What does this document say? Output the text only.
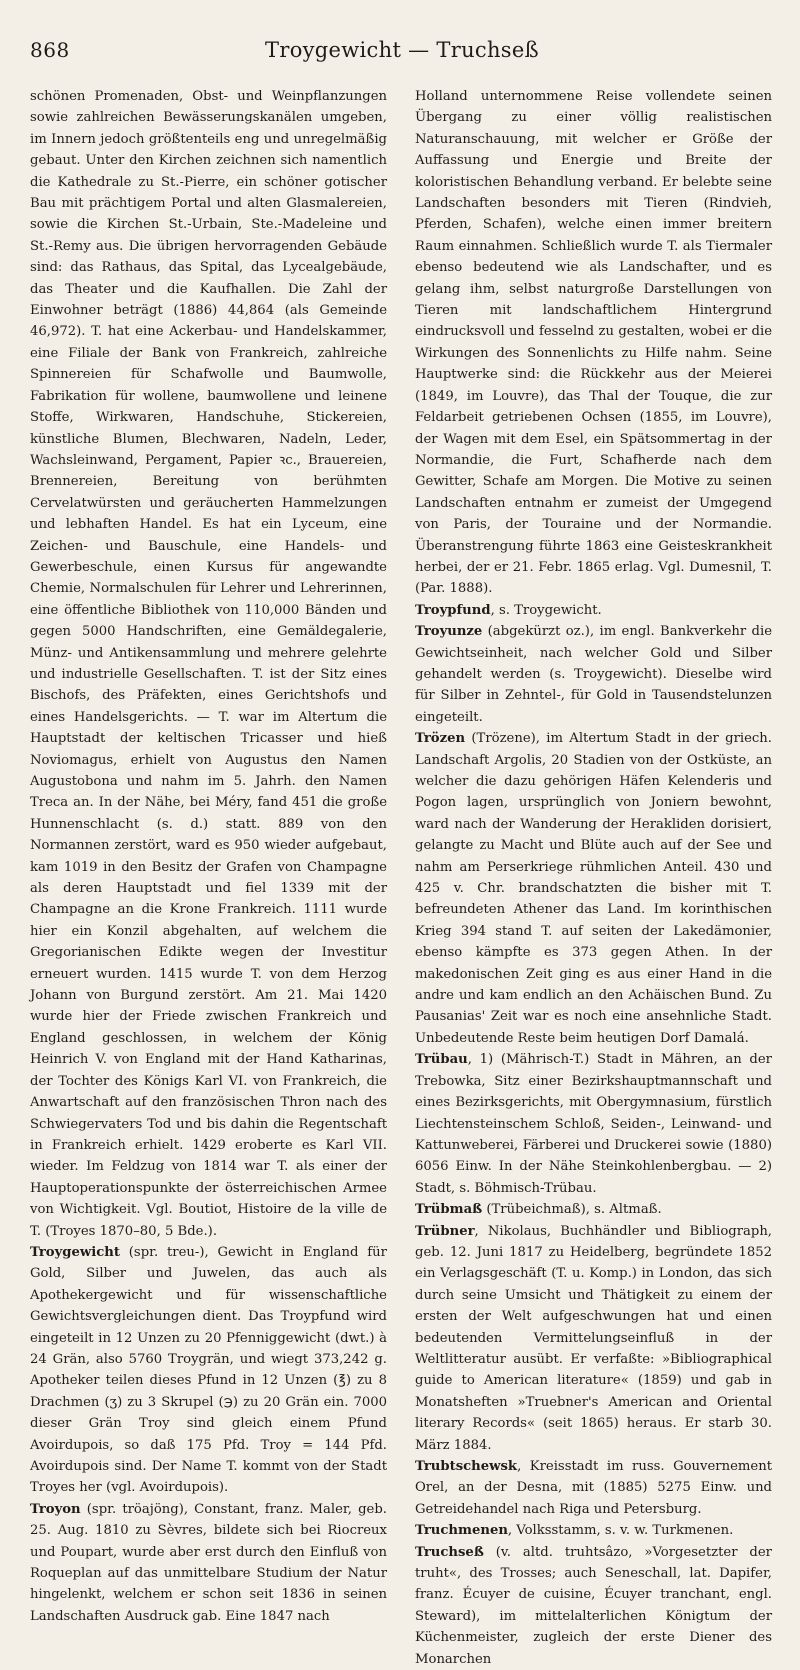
868	Troygewicht — Truchseß

schönen Promenaden, Obst- und Weinpflanzungen sowie zahlreichen Bewässerungskanälen umgeben, im Innern jedoch größtenteils eng und unregelmäßig gebaut. Unter den Kirchen zeichnen sich namentlich die Kathedrale zu St.-Pierre, ein schöner gotischer Bau mit prächtigem Portal und alten Glasmalereien, sowie die Kirchen St.-Urbain, Ste.-Madeleine und St.-Remy aus. Die übrigen hervorragenden Gebäude sind: das Rathaus, das Spital, das Lycealgebäude, das Theater und die Kaufhallen. Die Zahl der Einwohner beträgt (1886) 44,864 (als Gemeinde 46,972). T. hat eine Ackerbau- und Handelskammer, eine Filiale der Bank von Frankreich, zahlreiche Spinnereien für Schafwolle und Baumwolle, Fabrikation für wollene, baumwollene und leinene Stoffe, Wirkwaren, Handschuhe, Stickereien, künstliche Blumen, Blechwaren, Nadeln, Leder, Wachsleinwand, Pergament, Papier ꝛc., Brauereien, Brennereien, Bereitung von berühmten Cervelatwürsten und geräucherten Hammelzungen und lebhaften Handel. Es hat ein Lyceum, eine Zeichen- und Bauschule, eine Handels- und Gewerbeschule, einen Kursus für angewandte Chemie, Normalschulen für Lehrer und Lehrerinnen, eine öffentliche Bibliothek von 110,000 Bänden und gegen 5000 Handschriften, eine Gemäldegalerie, Münz- und Antikensammlung und mehrere gelehrte und industrielle Gesellschaften. T. ist der Sitz eines Bischofs, des Präfekten, eines Gerichtshofs und eines Handelsgerichts. — T. war im Altertum die Hauptstadt der keltischen Tricasser und hieß Noviomagus, erhielt von Augustus den Namen Augustobona und nahm im 5. Jahrh. den Namen Treca an. In der Nähe, bei Méry, fand 451 die große Hunnenschlacht (s. d.) statt. 889 von den Normannen zerstört, ward es 950 wieder aufgebaut, kam 1019 in den Besitz der Grafen von Champagne als deren Hauptstadt und fiel 1339 mit der Champagne an die Krone Frankreich. 1111 wurde hier ein Konzil abgehalten, auf welchem die Gregorianischen Edikte wegen der Investitur erneuert wurden. 1415 wurde T. von dem Herzog Johann von Burgund zerstört. Am 21. Mai 1420 wurde hier der Friede zwischen Frankreich und England geschlossen, in welchem der König Heinrich V. von England mit der Hand Katharinas, der Tochter des Königs Karl VI. von Frankreich, die Anwartschaft auf den französischen Thron nach des Schwiegervaters Tod und bis dahin die Regentschaft in Frankreich erhielt. 1429 eroberte es Karl VII. wieder. Im Feldzug von 1814 war T. als einer der Hauptoperationspunkte der österreichischen Armee von Wichtigkeit. Vgl. Boutiot, Histoire de la ville de T. (Troyes 1870–80, 5 Bde.).

Troygewicht (spr. treu-), Gewicht in England für Gold, Silber und Juwelen, das auch als Apothekergewicht und für wissenschaftliche Gewichtsvergleichungen dient. Das Troypfund wird eingeteilt in 12 Unzen zu 20 Pfenniggewicht (dwt.) à 24 Grän, also 5760 Troygrän, und wiegt 373,242 g. Apotheker teilen dieses Pfund in 12 Unzen (℥) zu 8 Drachmen (ʒ) zu 3 Skrupel (℈) zu 20 Grän ein. 7000 dieser Grän Troy sind gleich einem Pfund Avoirdupois, so daß 175 Pfd. Troy = 144 Pfd. Avoirdupois sind. Der Name T. kommt von der Stadt Troyes her (vgl. Avoirdupois).

Troyon (spr. tröajöng), Constant, franz. Maler, geb. 25. Aug. 1810 zu Sèvres, bildete sich bei Riocreux und Poupart, wurde aber erst durch den Einfluß von Roqueplan auf das unmittelbare Studium der Natur hingelenkt, welchem er schon seit 1836 in seinen Landschaften Ausdruck gab. Eine 1847 nach

Holland unternommene Reise vollendete seinen Übergang zu einer völlig realistischen Naturanschauung, mit welcher er Größe der Auffassung und Energie und Breite der koloristischen Behandlung verband. Er belebte seine Landschaften besonders mit Tieren (Rindvieh, Pferden, Schafen), welche einen immer breitern Raum einnahmen. Schließlich wurde T. als Tiermaler ebenso bedeutend wie als Landschafter, und es gelang ihm, selbst naturgroße Darstellungen von Tieren mit landschaftlichem Hintergrund eindrucksvoll und fesselnd zu gestalten, wobei er die Wirkungen des Sonnenlichts zu Hilfe nahm. Seine Hauptwerke sind: die Rückkehr aus der Meierei (1849, im Louvre), das Thal der Touque, die zur Feldarbeit getriebenen Ochsen (1855, im Louvre), der Wagen mit dem Esel, ein Spätsommertag in der Normandie, die Furt, Schafherde nach dem Gewitter, Schafe am Morgen. Die Motive zu seinen Landschaften entnahm er zumeist der Umgegend von Paris, der Touraine und der Normandie. Überanstrengung führte 1863 eine Geisteskrankheit herbei, der er 21. Febr. 1865 erlag. Vgl. Dumesnil, T. (Par. 1888).

Troypfund, s. Troygewicht.

Troyunze (abgekürzt oz.), im engl. Bankverkehr die Gewichtseinheit, nach welcher Gold und Silber gehandelt werden (s. Troygewicht). Dieselbe wird für Silber in Zehntel-, für Gold in Tausendstelunzen eingeteilt.

Trözen (Trözene), im Altertum Stadt in der griech. Landschaft Argolis, 20 Stadien von der Ostküste, an welcher die dazu gehörigen Häfen Kelenderis und Pogon lagen, ursprünglich von Joniern bewohnt, ward nach der Wanderung der Herakliden dorisiert, gelangte zu Macht und Blüte auch auf der See und nahm am Perserkriege rühmlichen Anteil. 430 und 425 v. Chr. brandschatzten die bisher mit T. befreundeten Athener das Land. Im korinthischen Krieg 394 stand T. auf seiten der Lakedämonier, ebenso kämpfte es 373 gegen Athen. In der makedonischen Zeit ging es aus einer Hand in die andre und kam endlich an den Achäischen Bund. Zu Pausanias' Zeit war es noch eine ansehnliche Stadt. Unbedeutende Reste beim heutigen Dorf Damalá.

Trübau, 1) (Mährisch-T.) Stadt in Mähren, an der Trebowka, Sitz einer Bezirkshauptmannschaft und eines Bezirksgerichts, mit Obergymnasium, fürstlich Liechtensteinschem Schloß, Seiden-, Leinwand- und Kattunweberei, Färberei und Druckerei sowie (1880) 6056 Einw. In der Nähe Steinkohlenbergbau. — 2) Stadt, s. Böhmisch-Trübau.

Trübmaß (Trübeichmaß), s. Altmaß.

Trübner, Nikolaus, Buchhändler und Bibliograph, geb. 12. Juni 1817 zu Heidelberg, begründete 1852 ein Verlagsgeschäft (T. u. Komp.) in London, das sich durch seine Umsicht und Thätigkeit zu einem der ersten der Welt aufgeschwungen hat und einen bedeutenden Vermittelungseinfluß in der Weltlitteratur ausübt. Er verfaßte: »Bibliographical guide to American literature« (1859) und gab in Monatsheften »Truebner's American and Oriental literary Records« (seit 1865) heraus. Er starb 30. März 1884.

Trubtschewsk, Kreisstadt im russ. Gouvernement Orel, an der Desna, mit (1885) 5275 Einw. und Getreidehandel nach Riga und Petersburg.

Truchmenen, Volksstamm, s. v. w. Turkmenen.

Truchseß (v. altd. truhtsâzo, »Vorgesetzter der truht«, des Trosses; auch Seneschall, lat. Dapifer, franz. Écuyer de cuisine, Écuyer tranchant, engl. Steward), im mittelalterlichen Königtum der Küchenmeister, zugleich der erste Diener des Monarchen
